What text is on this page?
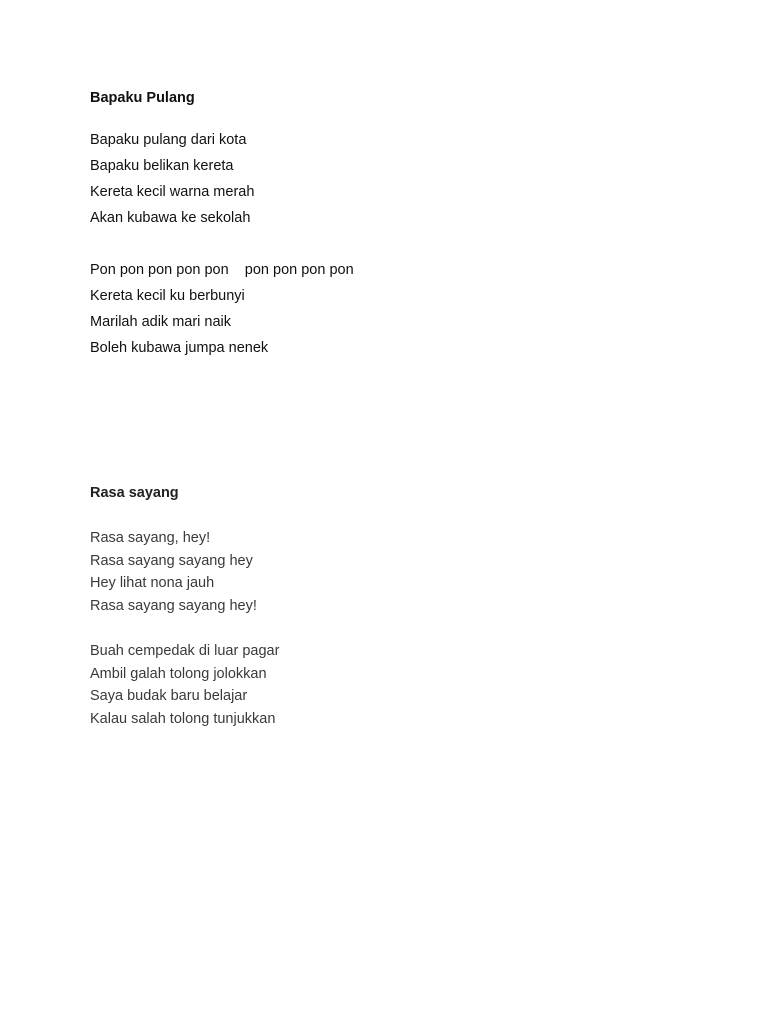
Bapaku Pulang
Bapaku pulang dari kota
Bapaku belikan kereta
Kereta kecil warna merah
Akan kubawa ke sekolah
Pon pon pon pon pon    pon pon pon pon
Kereta kecil ku berbunyi
Marilah adik mari naik
Boleh kubawa jumpa nenek
Rasa sayang
Rasa sayang, hey!
Rasa sayang sayang hey
Hey lihat nona jauh
Rasa sayang sayang hey!
Buah cempedak di luar pagar
Ambil galah tolong jolokkan
Saya budak baru belajar
Kalau salah tolong tunjukkan
